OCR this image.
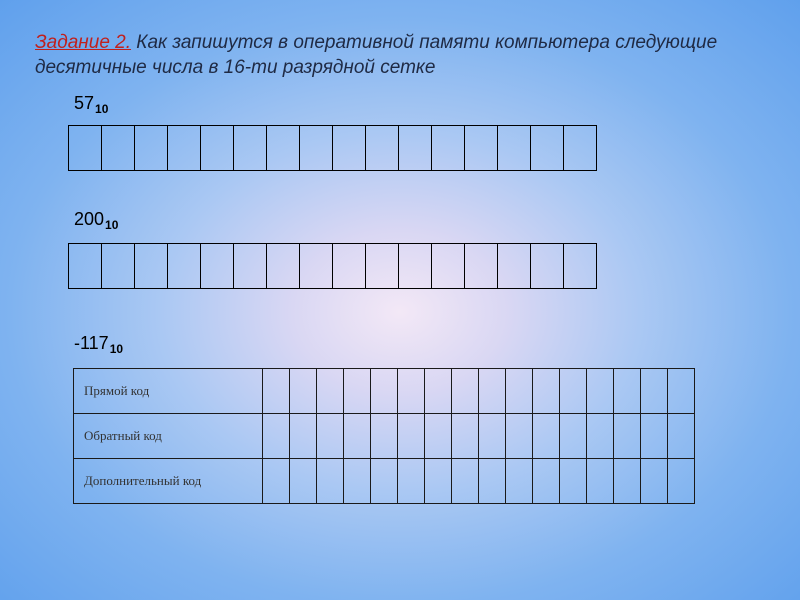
Задание 2. Как запишутся в оперативной памяти компьютера следующие десятичные числа в 16-ти разрядной сетке

$57_{10}$

$200_{10}$

$-117_{10}$
Прямой код																
Обратный код																
Дополнительный код																
